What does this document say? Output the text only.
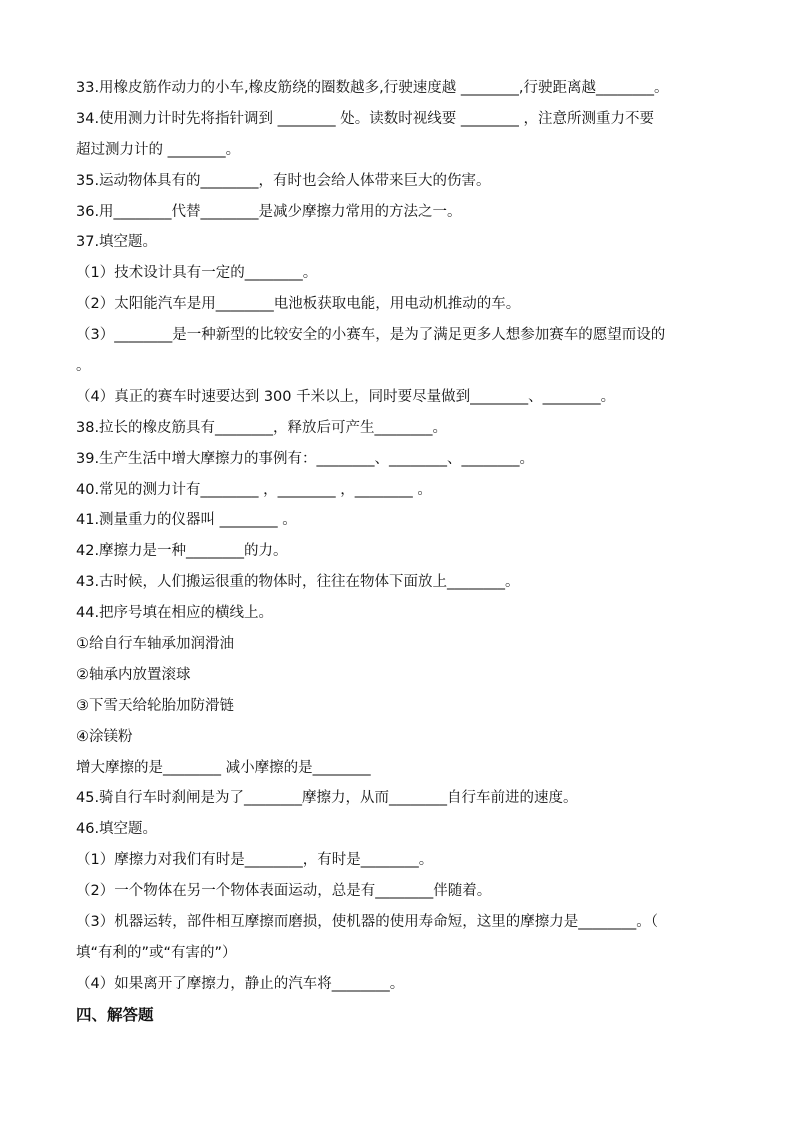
33.用橡皮筋作动力的小车,橡皮筋绕的圈数越多,行驶速度越 ________,行驶距离越________。
34.使用测力计时先将指针调到 ________ 处。读数时视线要 ________ ，注意所测重力不要
超过测力计的 ________。
35.运动物体具有的________，有时也会给人体带来巨大的伤害。
36.用________代替________是减少摩擦力常用的方法之一。
37.填空题。
（1）技术设计具有一定的________。
（2）太阳能汽车是用________电池板获取电能，用电动机推动的车。
（3）________是一种新型的比较安全的小赛车，是为了满足更多人想参加赛车的愿望而设的
。
（4）真正的赛车时速要达到 300 千米以上，同时要尽量做到________、________。
38.拉长的橡皮筋具有________，释放后可产生________。
39.生产生活中增大摩擦力的事例有：________、________、________。
40.常见的测力计有________ ，________ ，________ 。
41.测量重力的仪器叫 ________ 。
42.摩擦力是一种________的力。
43.古时候，人们搬运很重的物体时，往往在物体下面放上________。
44.把序号填在相应的横线上。
①给自行车轴承加润滑油
②轴承内放置滚球
③下雪天给轮胎加防滑链
④涂镁粉
增大摩擦的是________ 减小摩擦的是________
45.骑自行车时刹闸是为了________摩擦力，从而________自行车前进的速度。
46.填空题。
（1）摩擦力对我们有时是________，有时是________。
（2）一个物体在另一个物体表面运动，总是有________伴随着。
（3）机器运转，部件相互摩擦而磨损，使机器的使用寿命短，这里的摩擦力是________。（
填“有利的”或“有害的”）
（4）如果离开了摩擦力，静止的汽车将________。
四、解答题
